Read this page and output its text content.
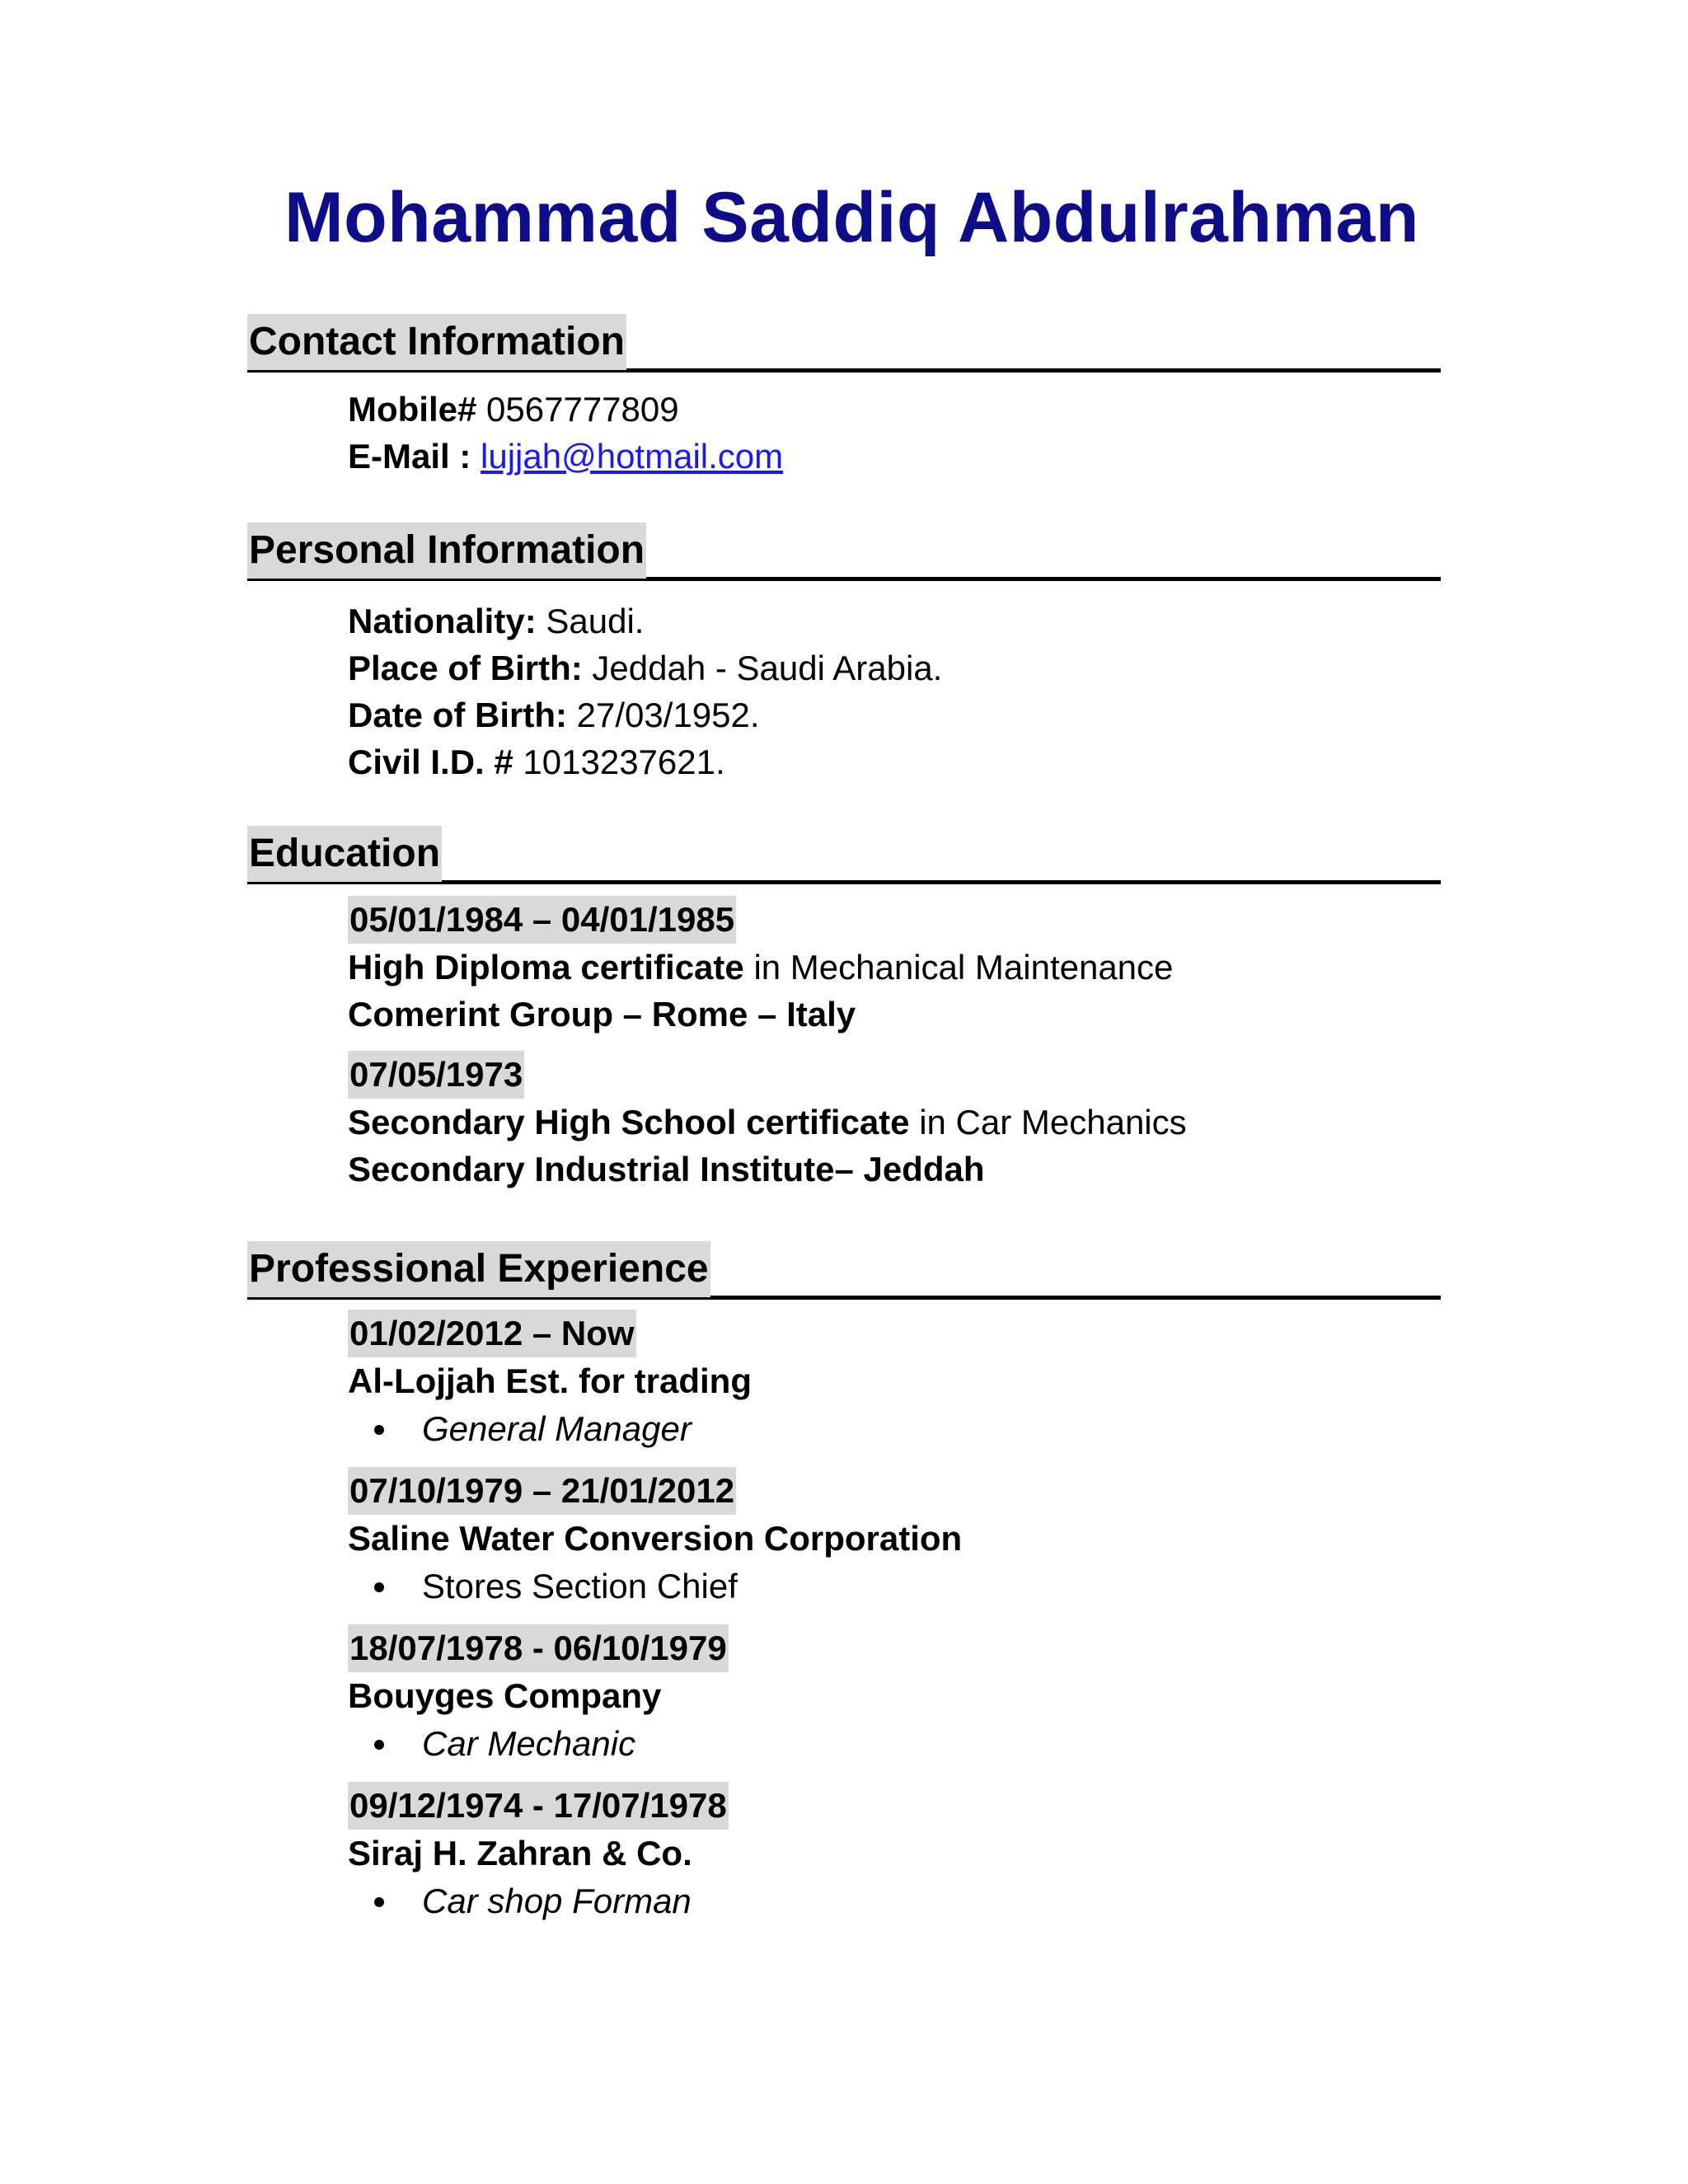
Mohammad Saddiq Abdulrahman
Contact Information
Mobile# 0567777809
E-Mail : lujjah@hotmail.com
Personal Information
Nationality: Saudi.
Place of Birth: Jeddah - Saudi Arabia.
Date of Birth: 27/03/1952.
Civil I.D. # 1013237621.
Education
05/01/1984 – 04/01/1985
High Diploma certificate in Mechanical Maintenance
Comerint Group – Rome – Italy
07/05/1973
Secondary High School certificate in Car Mechanics
Secondary Industrial Institute– Jeddah
Professional Experience
01/02/2012 – Now
Al-Lojjah Est. for trading
General Manager
07/10/1979 – 21/01/2012
Saline Water Conversion Corporation
Stores Section Chief
18/07/1978 - 06/10/1979
Bouyges Company
Car Mechanic
09/12/1974 - 17/07/1978
Siraj H. Zahran & Co.
Car shop Forman
